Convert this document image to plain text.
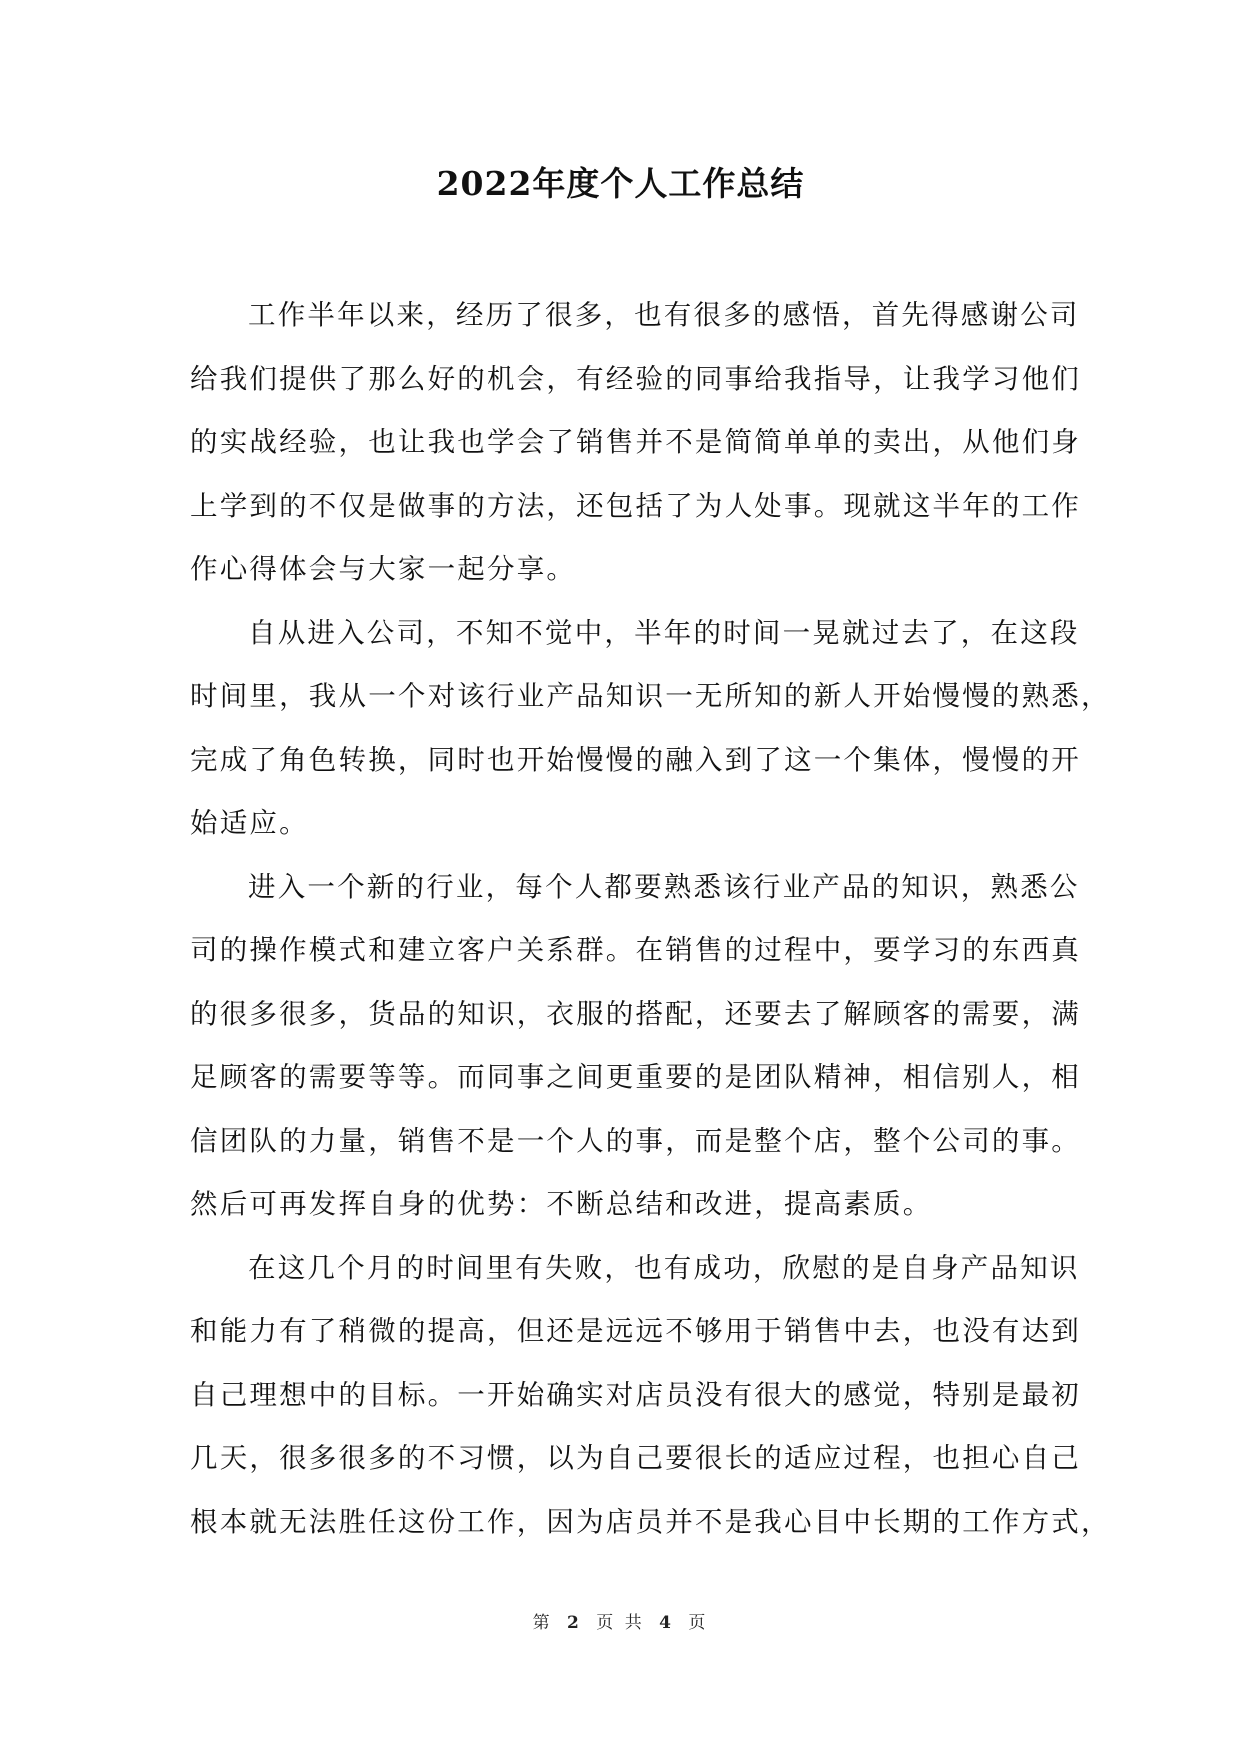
2022年度个人工作总结
工作半年以来，经历了很多，也有很多的感悟，首先得感谢公司
给我们提供了那么好的机会，有经验的同事给我指导，让我学习他们
的实战经验，也让我也学会了销售并不是简简单单的卖出，从他们身
上学到的不仅是做事的方法，还包括了为人处事。现就这半年的工作
作心得体会与大家一起分享。
自从进入公司，不知不觉中，半年的时间一晃就过去了，在这段
时间里，我从一个对该行业产品知识一无所知的新人开始慢慢的熟悉，
完成了角色转换，同时也开始慢慢的融入到了这一个集体，慢慢的开
始适应。
进入一个新的行业，每个人都要熟悉该行业产品的知识，熟悉公
司的操作模式和建立客户关系群。在销售的过程中，要学习的东西真
的很多很多，货品的知识，衣服的搭配，还要去了解顾客的需要，满
足顾客的需要等等。而同事之间更重要的是团队精神，相信别人，相
信团队的力量，销售不是一个人的事，而是整个店，整个公司的事。
然后可再发挥自身的优势：不断总结和改进，提高素质。
在这几个月的时间里有失败，也有成功，欣慰的是自身产品知识
和能力有了稍微的提高，但还是远远不够用于销售中去，也没有达到
自己理想中的目标。一开始确实对店员没有很大的感觉，特别是最初
几天，很多很多的不习惯，以为自己要很长的适应过程，也担心自己
根本就无法胜任这份工作，因为店员并不是我心目中长期的工作方式，
第 2 页 共 4 页
